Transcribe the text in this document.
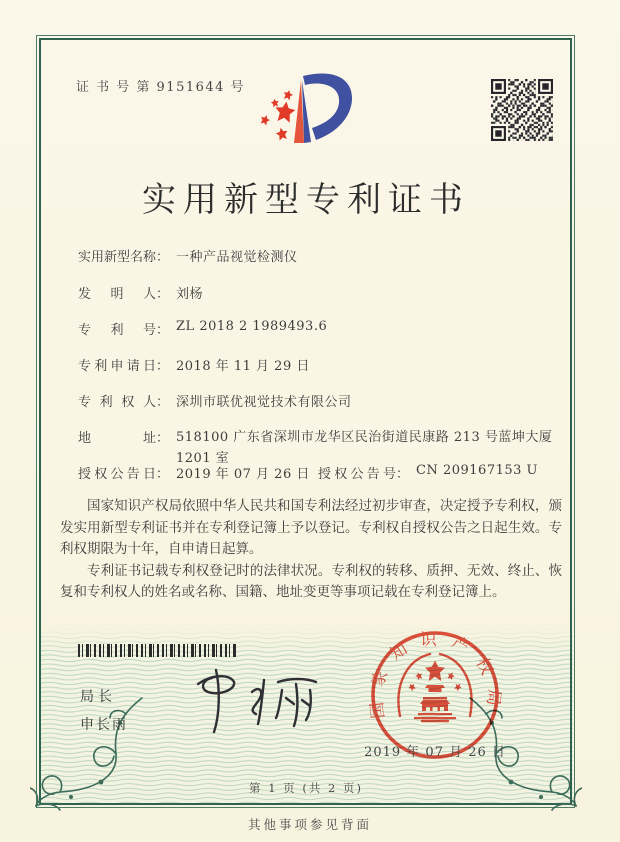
证 书 号 第 9151644 号
实用新型专利证书
实用新型名称： 一种产品视觉检测仪
发明人： 刘杨
专利号： ZL 2018 2 1989493.6
专利申请日： 2018 年 11 月 29 日
专利权人： 深圳市联优视觉技术有限公司
地址： 518100 广东省深圳市龙华区民治街道民康路 213 号蓝坤大厦 1201 室
授权公告日： 2019 年 07 月 26 日 授权公告号： CN 209167153 U

国家知识产权局依照中华人民共和国专利法经过初步审查，决定授予专利权，颁发实用新型专利证书并在专利登记簿上予以登记。专利权自授权公告之日起生效。专利权期限为十年，自申请日起算。

专利证书记载专利权登记时的法律状况。专利权的转移、质押、无效、终止、恢复和专利权人的姓名或名称、国籍、地址变更等事项记载在专利登记簿上。

局长
申长雨
国家知识产权局
2019 年 07 月 26 日
第 1 页 (共 2 页)
其他事项参见背面
